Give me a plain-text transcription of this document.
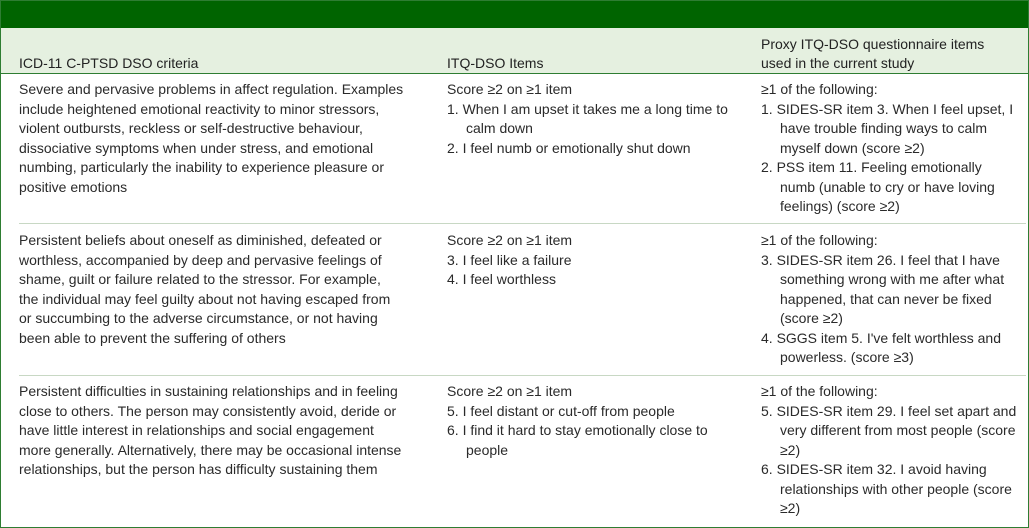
ICD-11 C-PTSD DSO criteria	ITQ-DSO Items
Proxy ITQ-DSO questionnaire items
used in the current study
Severe and pervasive problems in affect regulation. Examples
include heightened emotional reactivity to minor stressors,
violent outbursts, reckless or self-destructive behaviour,
dissociative symptoms when under stress, and emotional
numbing, particularly the inability to experience pleasure or
positive emotions
Score ≥2 on ≥1 item
1. When I am upset it takes me a long time to calm down
2. I feel numb or emotionally shut down
≥1 of the following:
1. SIDES-SR item 3. When I feel upset, I have trouble finding ways to calm myself down (score ≥2)
2. PSS item 11. Feeling emotionally numb (unable to cry or have loving feelings) (score ≥2)
Persistent beliefs about oneself as diminished, defeated or
worthless, accompanied by deep and pervasive feelings of
shame, guilt or failure related to the stressor. For example,
the individual may feel guilty about not having escaped from
or succumbing to the adverse circumstance, or not having
been able to prevent the suffering of others
Score ≥2 on ≥1 item
3. I feel like a failure
4. I feel worthless
≥1 of the following:
3. SIDES-SR item 26. I feel that I have something wrong with me after what happened, that can never be fixed (score ≥2)
4. SGGS item 5. I've felt worthless and powerless. (score ≥3)
Persistent difficulties in sustaining relationships and in feeling
close to others. The person may consistently avoid, deride or
have little interest in relationships and social engagement
more generally. Alternatively, there may be occasional intense
relationships, but the person has difficulty sustaining them
Score ≥2 on ≥1 item
5. I feel distant or cut-off from people
6. I find it hard to stay emotionally close to people
≥1 of the following:
5. SIDES-SR item 29. I feel set apart and very different from most people (score ≥2)
6. SIDES-SR item 32. I avoid having relationships with other people (score ≥2)
